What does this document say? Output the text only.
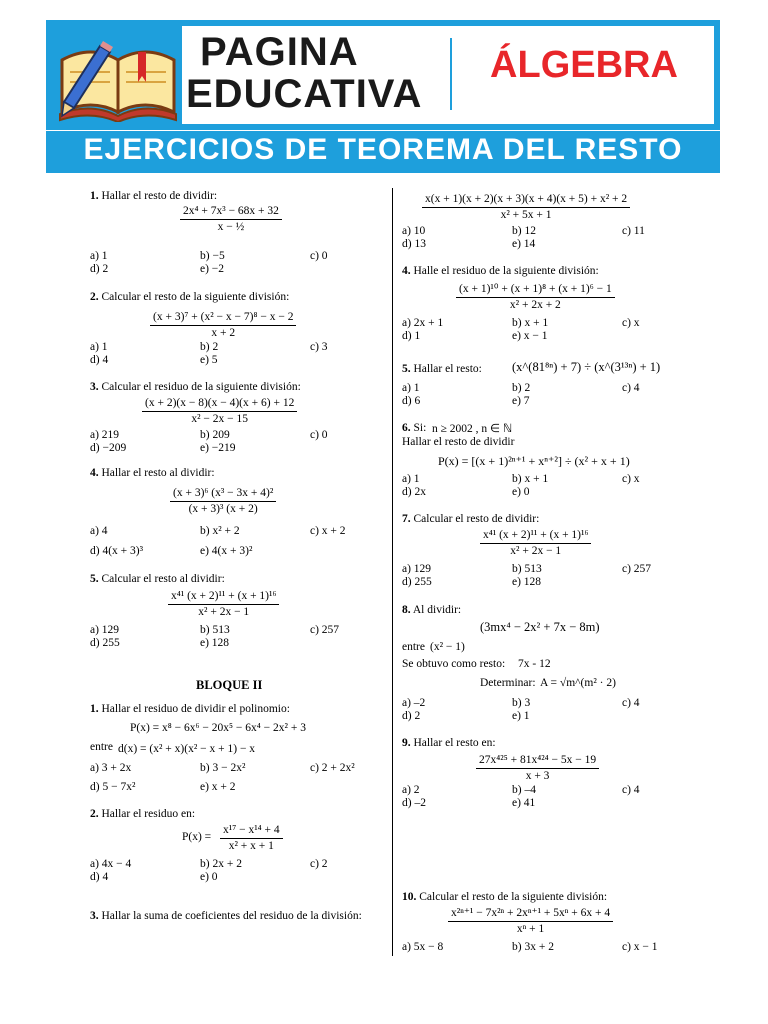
PAGINA
EDUCATIVA
ÁLGEBRA
EJERCICIOS DE TEOREMA DEL RESTO
1. Hallar el resto de dividir:
$\frac{\text{2x⁴ + 7x³ − 68x + 32}}{\text{x − ½}}$
a) 1	b) −5	c) 0
d) 2	e) −2
2. Calcular el resto de la siguiente división:
$\frac{\text{(x + 3)⁷ + (x² − x − 7)⁸ − x − 2}}{x + 2}$
a) 1	b) 2	c) 3
d) 4	e) 5
3. Calcular el residuo de la siguiente división:
$\frac{(x + 2)(x - 8)(x - 4)(x + 6) + 12}{\text{x² − 2x − 15}}$
a) 219	b) 209	c) 0
d) −209	e) −219
4. Hallar el resto al dividir:
$\frac{\text{(x + 3)⁶ (x³ − 3x + 4)²}}{\text{(x + 3)³ (x + 2)}}$
a) 4	b) x² + 2	c) x + 2
d) 4(x + 3)³	e) 4(x + 3)²
5. Calcular el resto al dividir:
$\frac{\text{x⁴¹ (x + 2)¹¹ + (x + 1)¹⁶}}{\text{x² + 2x − 1}}$
a) 129	b) 513	c) 257
d) 255	e) 128
BLOQUE II
1. Hallar el residuo de dividir el polinomio:
P(x) = x⁸ − 6x⁶ − 20x⁵ − 6x⁴ − 2x² + 3
entre d(x) = (x² + x)(x² − x + 1) − x
a) 3 + 2x	b) 3 − 2x²	c) 2 + 2x²
d) 5 − 7x²	e) x + 2
2. Hallar el residuo en:
$P(x) = \frac{\text{x¹⁷ − x¹⁴ + 4}}{\text{x² + x + 1}}$
a) 4x − 4	b) 2x + 2	c) 2
d) 4	e) 0
3. Hallar la suma de coeficientes del residuo de la división:
$\frac{\text{x(x + 1)(x + 2)(x + 3)(x + 4)(x + 5) + x² + 2}}{\text{x² + 5x + 1}}$
a) 10	b) 12	c) 11
d) 13	e) 14
4. Halle el residuo de la siguiente división:
$\frac{\text{(x + 1)¹⁰ + (x + 1)⁸ + (x + 1)⁶ − 1}}{\text{x² + 2x + 2}}$
a) 2x + 1	b) x + 1	c) x
d) 1	e) x − 1
5. Hallar el resto: (x^(81⁸ⁿ) + 7) ÷ (x^(3¹³ⁿ) + 1)
a) 1	b) 2	c) 4
d) 6	e) 7
6. Si: n ≥ 2002 , n ∈ ℕ
Hallar el resto de dividir
P(x) = [(x + 1)²ⁿ⁺¹ + xⁿ⁺²] ÷ (x² + x + 1)
a) 1	b) x + 1	c) x
d) 2x	e) 0
7. Calcular el resto de dividir:
$\frac{\text{x⁴¹ (x + 2)¹¹ + (x + 1)¹⁶}}{\text{x² + 2x − 1}}$
a) 129	b) 513	c) 257
d) 255	e) 128
8. Al dividir:
(3mx⁴ − 2x² + 7x − 8m)
entre (x² − 1)
Se obtuvo como resto: 7x - 12
Determinar: A = √m^(m² · 2)
a) –2	b) 3	c) 4
d) 2	e) 1
9. Hallar el resto en:
$\frac{\text{27x⁴²⁵ + 81x⁴²⁴ − 5x − 19}}{x + 3}$
a) 2	b) –4	c) 4
d) –2	e) 41
10. Calcular el resto de la siguiente división:
$\frac{\text{x²ⁿ⁺¹ − 7x²ⁿ + 2xⁿ⁺¹ + 5xⁿ + 6x + 4}}{\text{xⁿ + 1}}$
a) 5x − 8	b) 3x + 2	c) x − 1
